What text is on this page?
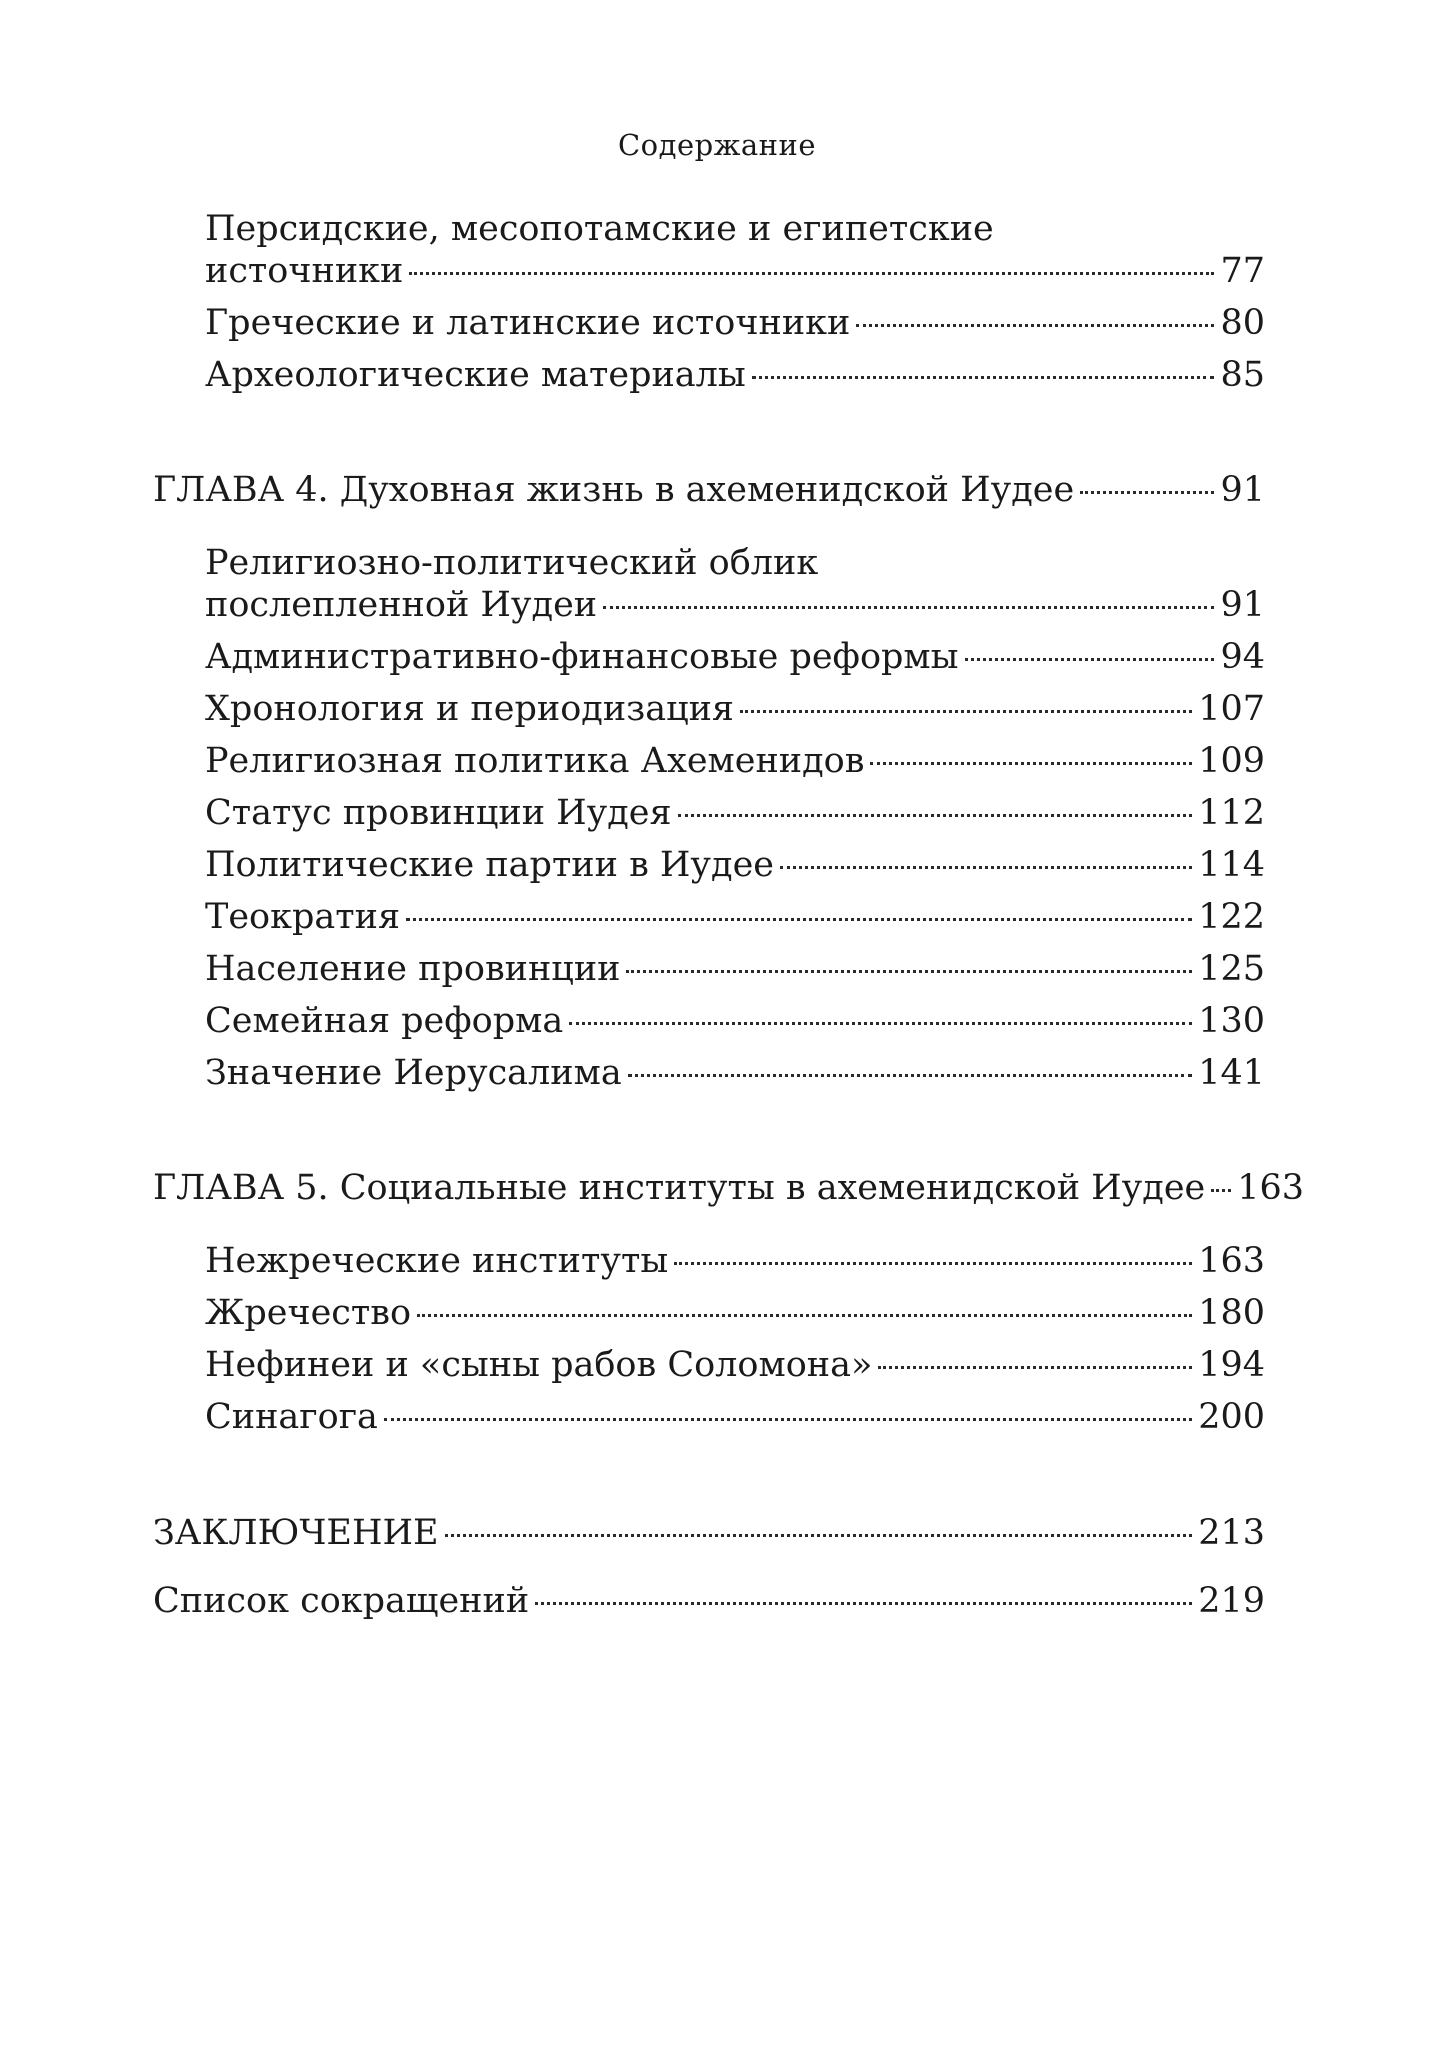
Содержание
Персидские, месопотамские и египетские
источники	77
Греческие и латинские источники	80
Археологические материалы	85
ГЛАВА 4. Духовная жизнь в ахеменидской Иудее	91
Религиозно-политический облик
послепленной Иудеи	91
Административно-финансовые реформы	94
Хронология и периодизация	107
Религиозная политика Ахеменидов	109
Статус провинции Иудея	112
Политические партии в Иудее	114
Теократия	122
Население провинции	125
Семейная реформа	130
Значение Иерусалима	141
ГЛАВА 5. Социальные институты в ахеменидской Иудее 163
Нежреческие институты	163
Жречество	180
Нефинеи и «сыны рабов Соломона»	194
Синагога	200
ЗАКЛЮЧЕНИЕ	213
Список сокращений	219
